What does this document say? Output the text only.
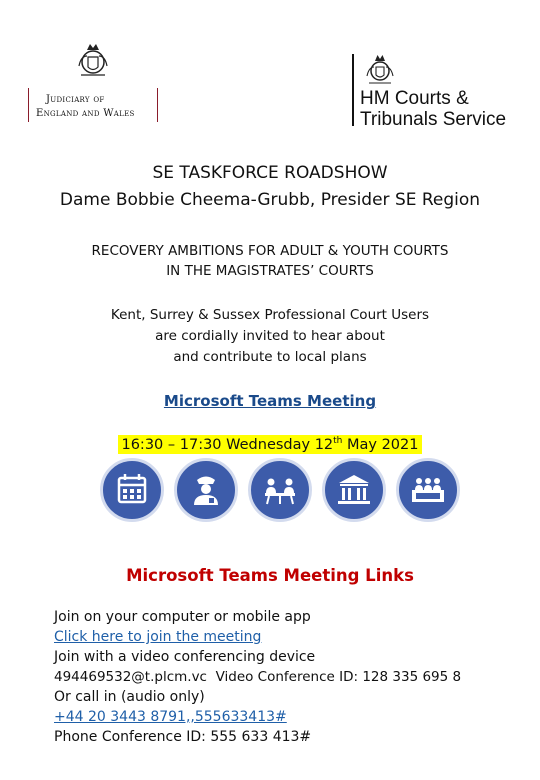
Judiciary of
England and Wales
HM Courts &
Tribunals Service
SE TASKFORCE ROADSHOW
Dame Bobbie Cheema-Grubb, Presider SE Region
RECOVERY AMBITIONS FOR ADULT & YOUTH COURTS
IN THE MAGISTRATES’ COURTS
Kent, Surrey & Sussex Professional Court Users
are cordially invited to hear about
and contribute to local plans
Microsoft Teams Meeting
16:30 – 17:30 Wednesday 12th May 2021
Microsoft Teams Meeting Links
Join on your computer or mobile app
Click here to join the meeting
Join with a video conferencing device
494469532@t.plcm.vc  Video Conference ID: 128 335 695 8
Or call in (audio only)
+44 20 3443 8791,,555633413#
Phone Conference ID: 555 633 413#
